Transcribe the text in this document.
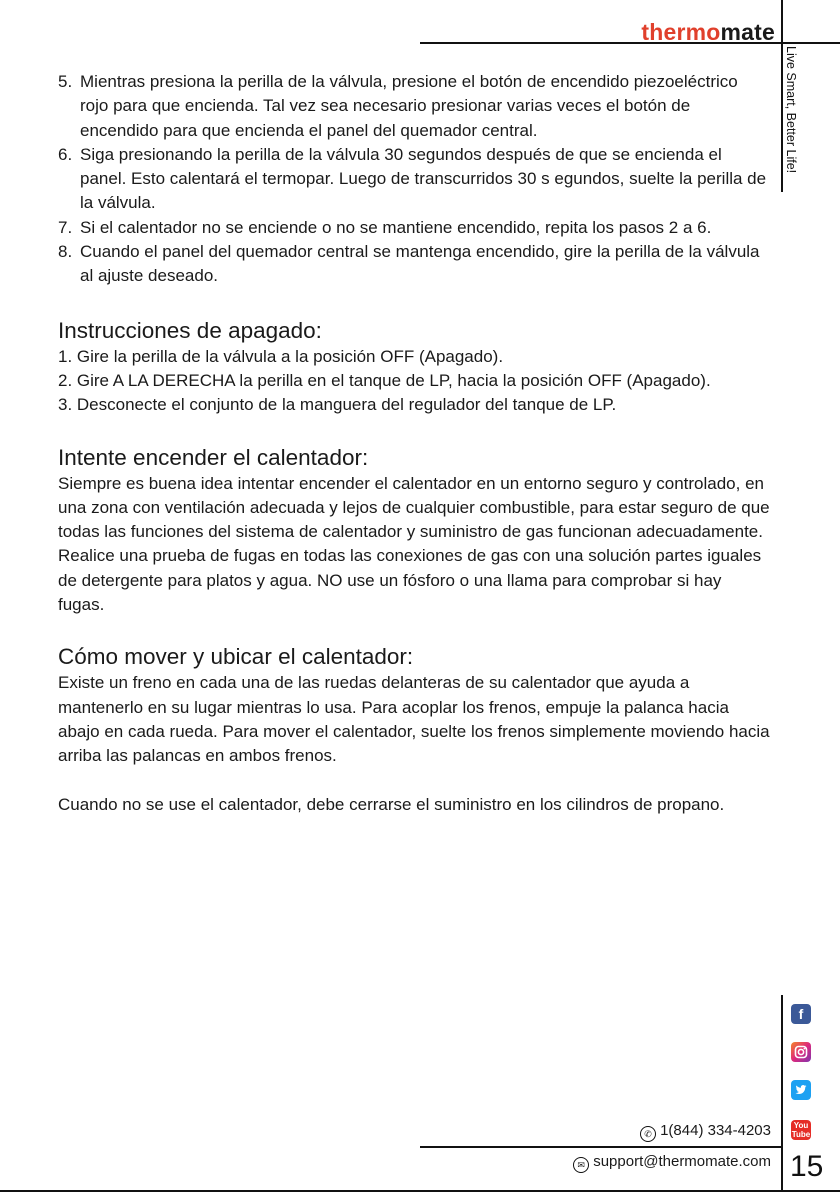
thermomate
Live Smart, Better Life!
5. Mientras presiona la perilla de la válvula, presione el botón de encendido piezoeléctrico rojo para que encienda. Tal vez sea necesario presionar varias veces el botón de encendido para que encienda el panel del quemador central.
6. Siga presionando la perilla de la válvula 30 segundos después de que se encienda el panel. Esto calentará el termopar. Luego de transcurridos 30 s egundos, suelte la perilla de la válvula.
7. Si el calentador no se enciende o no se mantiene encendido, repita los pasos 2 a 6.
8. Cuando el panel del quemador central se mantenga encendido, gire la perilla de la válvula al ajuste deseado.
Instrucciones de apagado:

1. Gire la perilla de la válvula a la posición OFF (Apagado).

2. Gire A LA DERECHA la perilla en el tanque de LP, hacia la posición OFF (Apagado).

3. Desconecte el conjunto de la manguera del regulador del tanque de LP.

Intente encender el calentador:

Siempre es buena idea intentar encender el calentador en un entorno seguro y controlado, en una zona con ventilación adecuada y lejos de cualquier combustible, para estar seguro de que todas las funciones del sistema de calentador y suministro de gas funcionan adecuadamente. Realice una prueba de fugas en todas las conexiones de gas con una solución partes iguales de detergente para platos y agua. NO use un fósforo o una llama para comprobar si hay fugas.

Cómo mover y ubicar el calentador:

Existe un freno en cada una de las ruedas delanteras de su calentador que ayuda a mantenerlo en su lugar mientras lo usa. Para acoplar los frenos, empuje la palanca hacia abajo en cada rueda. Para mover el calentador, suelte los frenos simplemente moviendo hacia arriba las palancas en ambos frenos.

Cuando no se use el calentador, debe cerrarse el suministro en los cilindros de propano.

f
You
Tube
✆ 1(844) 334-4203
✉ support@thermomate.com 15
